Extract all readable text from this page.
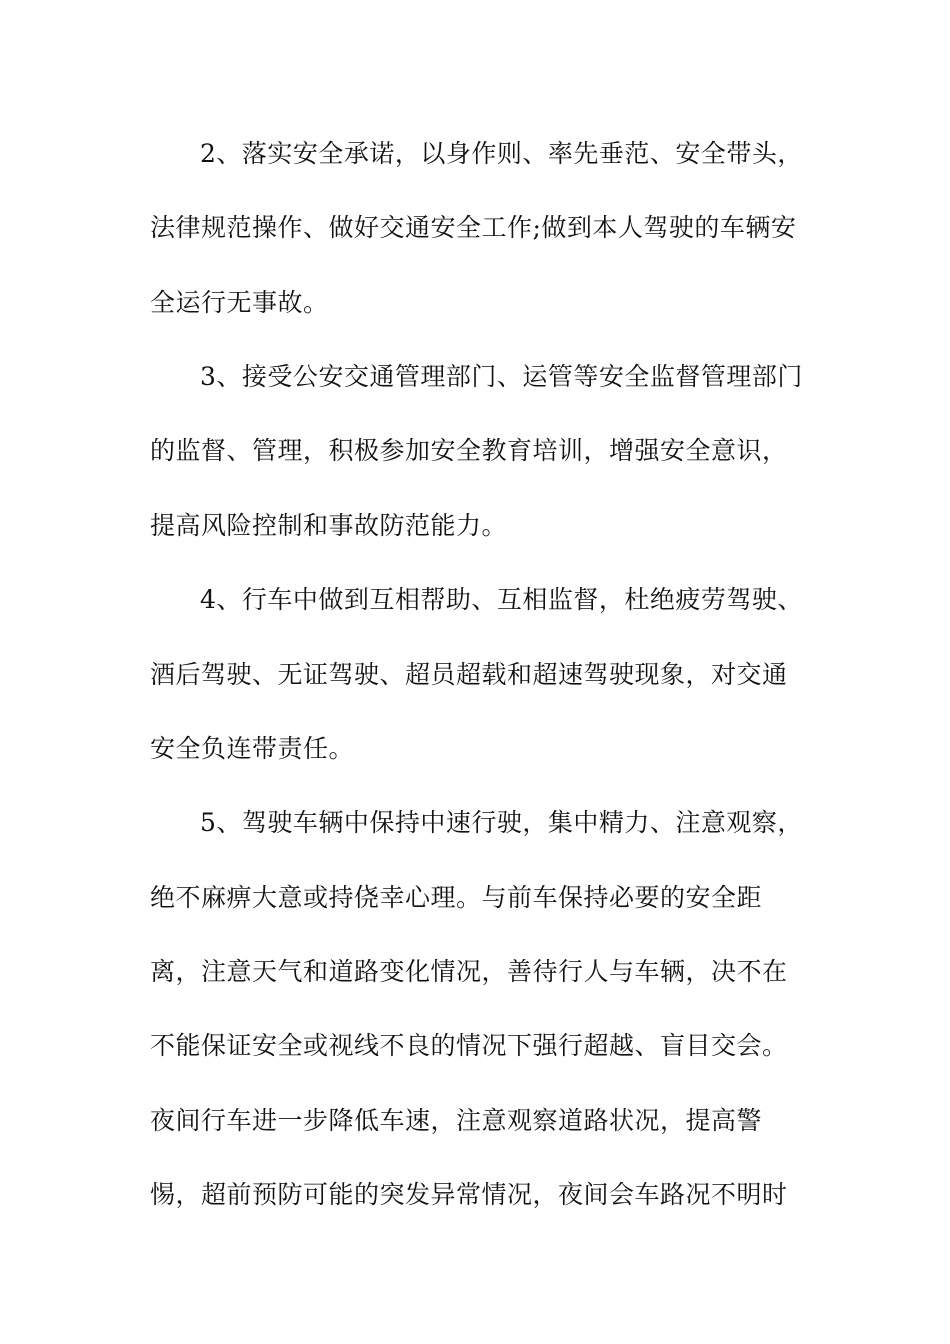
2、落实安全承诺，以身作则、率先垂范、安全带头，
法律规范操作、做好交通安全工作;做到本人驾驶的车辆安
全运行无事故。
3、接受公安交通管理部门、运管等安全监督管理部门
的监督、管理，积极参加安全教育培训，增强安全意识，
提高风险控制和事故防范能力。
4、行车中做到互相帮助、互相监督，杜绝疲劳驾驶、
酒后驾驶、无证驾驶、超员超载和超速驾驶现象，对交通
安全负连带责任。
5、驾驶车辆中保持中速行驶，集中精力、注意观察，
绝不麻痹大意或持侥幸心理。与前车保持必要的安全距
离，注意天气和道路变化情况，善待行人与车辆，决不在
不能保证安全或视线不良的情况下强行超越、盲目交会。
夜间行车进一步降低车速，注意观察道路状况，提高警
惕，超前预防可能的突发异常情况，夜间会车路况不明时
